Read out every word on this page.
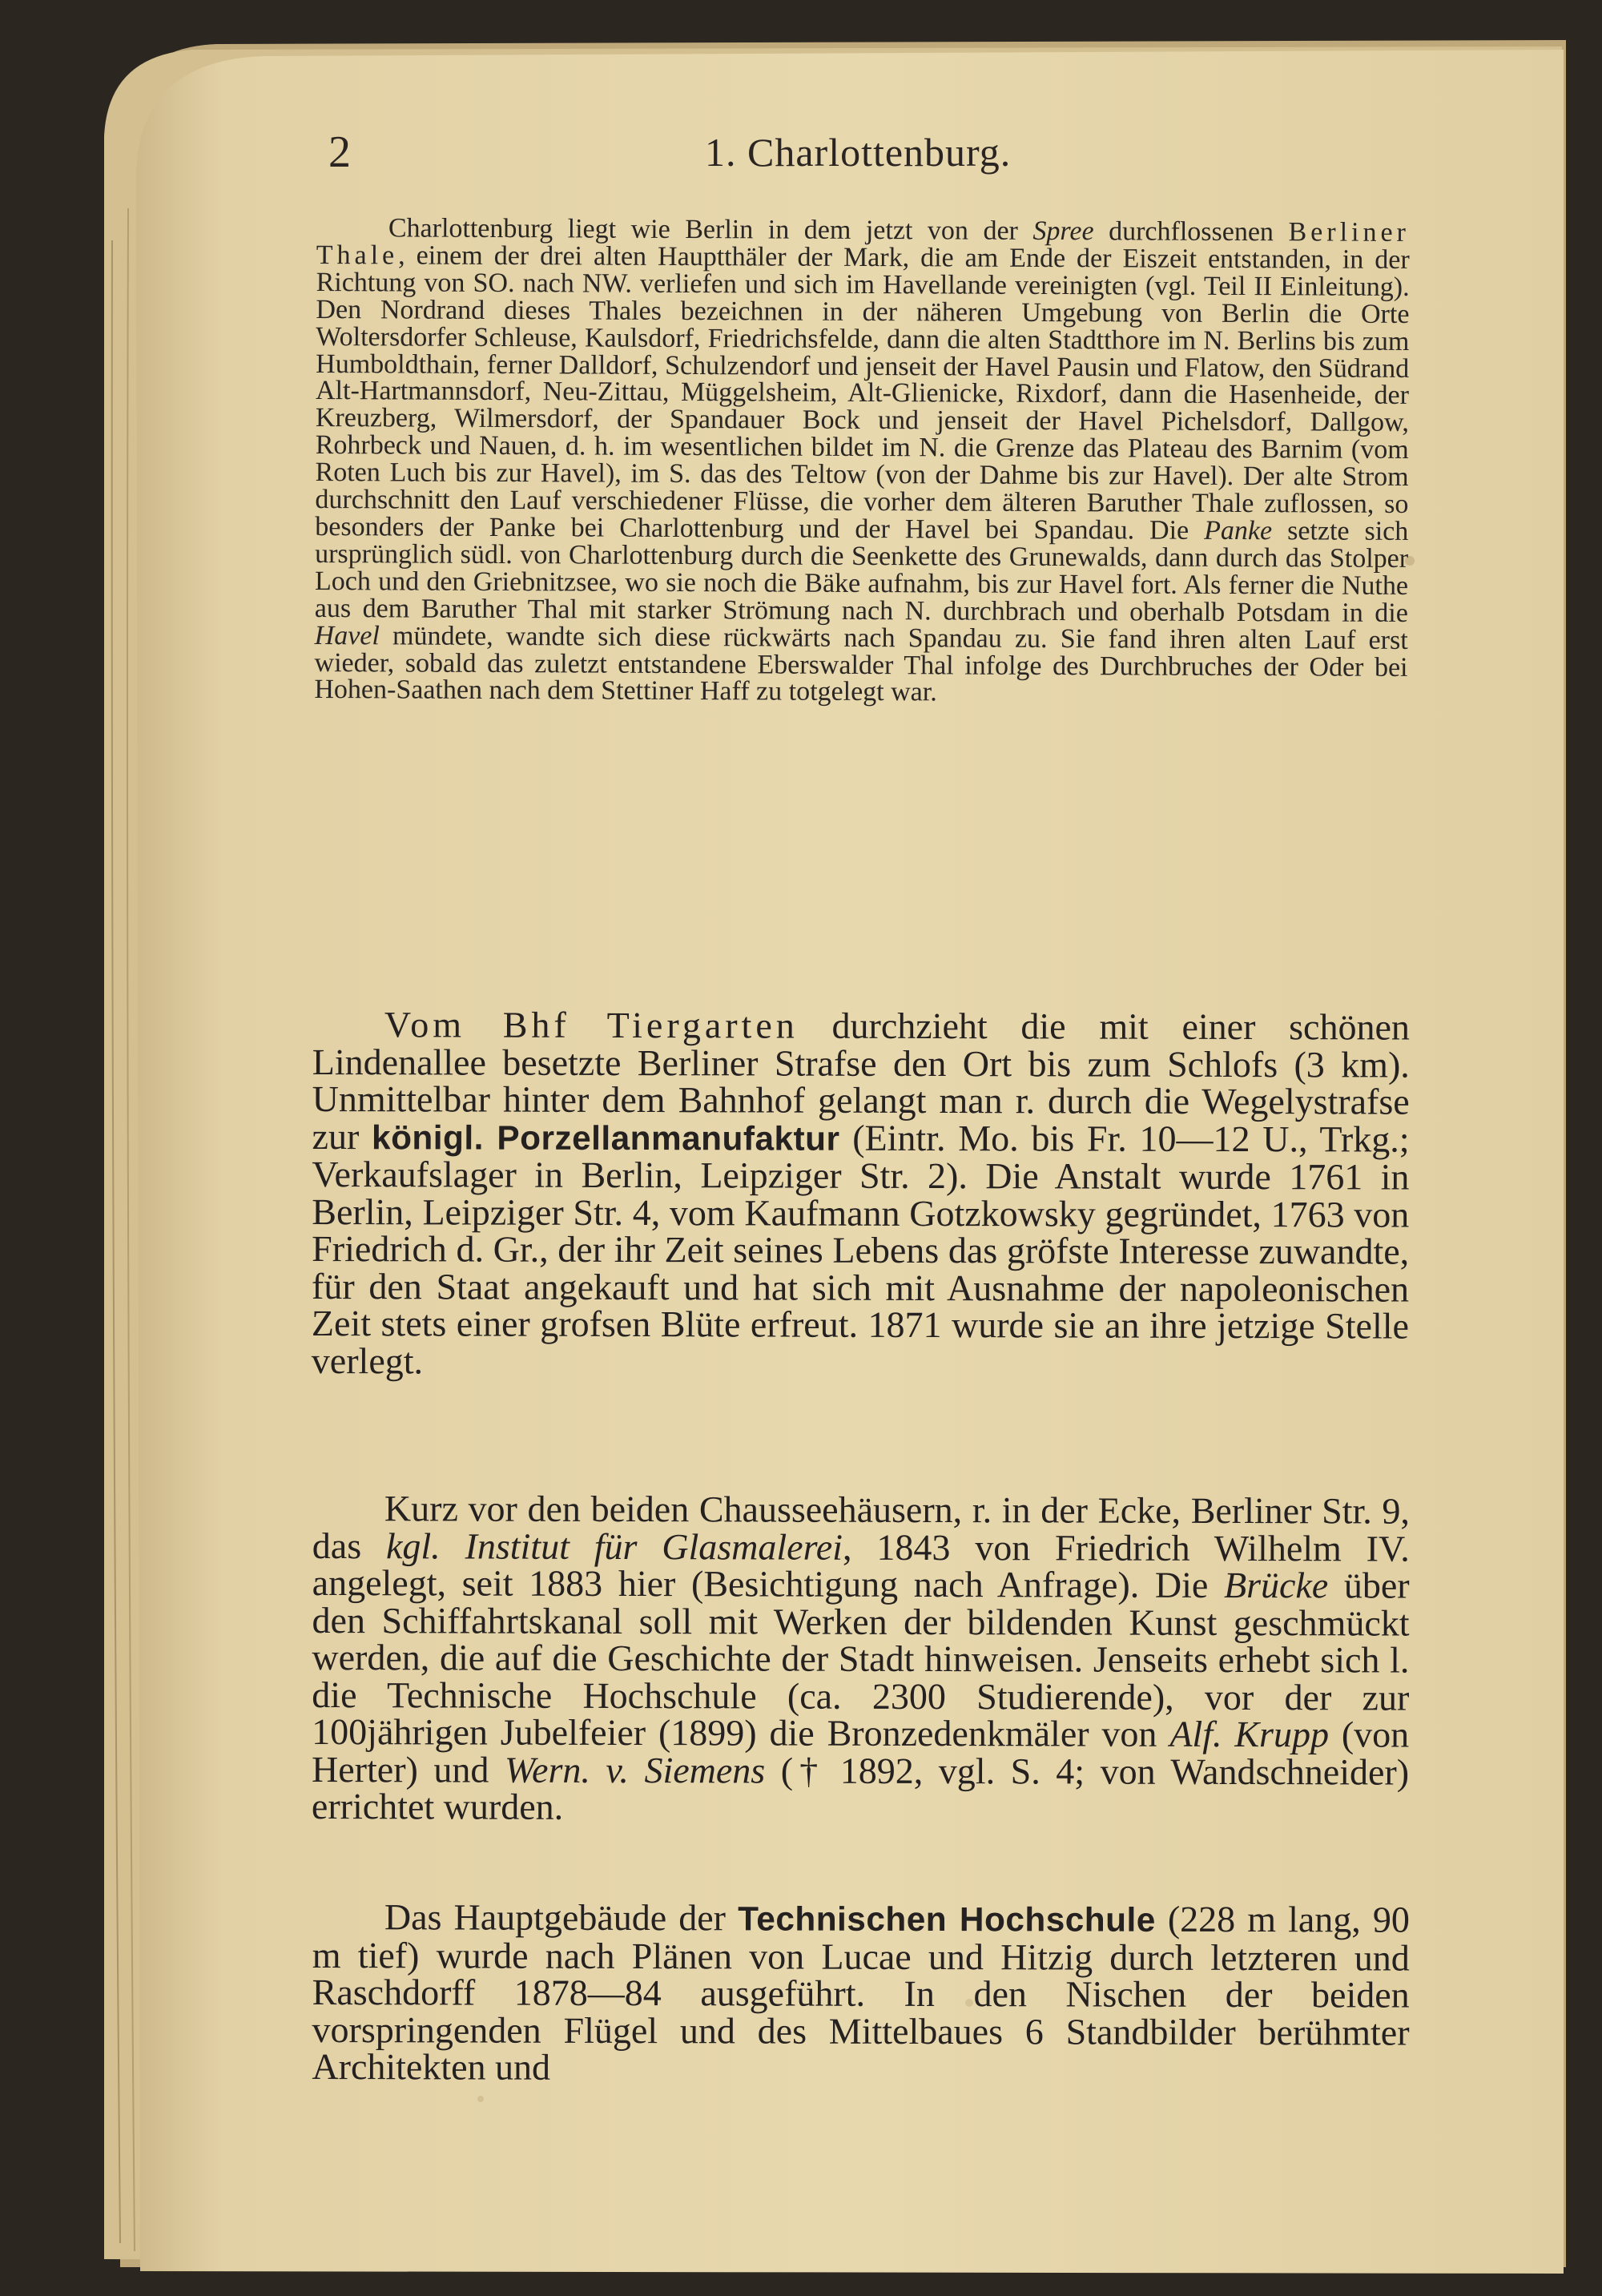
2	1. Charlottenburg.
Charlottenburg liegt wie Berlin in dem jetzt von der Spree durchflossenen Berliner Thale, einem der drei alten Hauptthäler der Mark, die am Ende der Eiszeit entstanden, in der Richtung von SO. nach NW. verliefen und sich im Havellande vereinigten (vgl. Teil II Einleitung). Den Nordrand dieses Thales bezeichnen in der näheren Umgebung von Berlin die Orte Woltersdorfer Schleuse, Kaulsdorf, Friedrichsfelde, dann die alten Stadtthore im N. Berlins bis zum Humboldthain, ferner Dalldorf, Schulzendorf und jenseit der Havel Pausin und Flatow, den Südrand Alt-Hartmannsdorf, Neu-Zittau, Müggelsheim, Alt-Glienicke, Rixdorf, dann die Hasenheide, der Kreuzberg, Wilmersdorf, der Spandauer Bock und jenseit der Havel Pichelsdorf, Dallgow, Rohrbeck und Nauen, d. h. im wesentlichen bildet im N. die Grenze das Plateau des Barnim (vom Roten Luch bis zur Havel), im S. das des Teltow (von der Dahme bis zur Havel). Der alte Strom durchschnitt den Lauf verschiedener Flüsse, die vorher dem älteren Baruther Thale zuflossen, so besonders der Panke bei Charlottenburg und der Havel bei Spandau. Die Panke setzte sich ursprünglich südl. von Charlottenburg durch die Seenkette des Grunewalds, dann durch das Stolper Loch und den Griebnitzsee, wo sie noch die Bäke aufnahm, bis zur Havel fort. Als ferner die Nuthe aus dem Baruther Thal mit starker Strömung nach N. durchbrach und oberhalb Potsdam in die Havel mündete, wandte sich diese rückwärts nach Spandau zu. Sie fand ihren alten Lauf erst wieder, sobald das zuletzt entstandene Eberswalder Thal infolge des Durchbruches der Oder bei Hohen-Saathen nach dem Stettiner Haff zu totgelegt war.
Vom Bhf Tiergarten durchzieht die mit einer schönen Lindenallee besetzte Berliner Strafse den Ort bis zum Schlofs (3 km). Unmittelbar hinter dem Bahnhof gelangt man r. durch die Wegelystrafse zur königl. Porzellanmanufaktur (Eintr. Mo. bis Fr. 10—12 U., Trkg.; Verkaufslager in Berlin, Leipziger Str. 2). Die Anstalt wurde 1761 in Berlin, Leipziger Str. 4, vom Kaufmann Gotzkowsky gegründet, 1763 von Friedrich d. Gr., der ihr Zeit seines Lebens das gröfste Interesse zuwandte, für den Staat angekauft und hat sich mit Ausnahme der napoleonischen Zeit stets einer grofsen Blüte erfreut. 1871 wurde sie an ihre jetzige Stelle verlegt.
Kurz vor den beiden Chausseehäusern, r. in der Ecke, Berliner Str. 9, das kgl. Institut für Glasmalerei, 1843 von Friedrich Wilhelm IV. angelegt, seit 1883 hier (Besichtigung nach Anfrage). Die Brücke über den Schiffahrtskanal soll mit Werken der bildenden Kunst geschmückt werden, die auf die Geschichte der Stadt hinweisen. Jenseits erhebt sich l. die Technische Hochschule (ca. 2300 Studierende), vor der zur 100jährigen Jubelfeier (1899) die Bronzedenkmäler von Alf. Krupp (von Herter) und Wern. v. Siemens († 1892, vgl. S. 4; von Wandschneider) errichtet wurden.
Das Hauptgebäude der Technischen Hochschule (228 m lang, 90 m tief) wurde nach Plänen von Lucae und Hitzig durch letzteren und Raschdorff 1878—84 ausgeführt. In den Nischen der beiden vorspringenden Flügel und des Mittelbaues 6 Standbilder berühmter Architekten und
